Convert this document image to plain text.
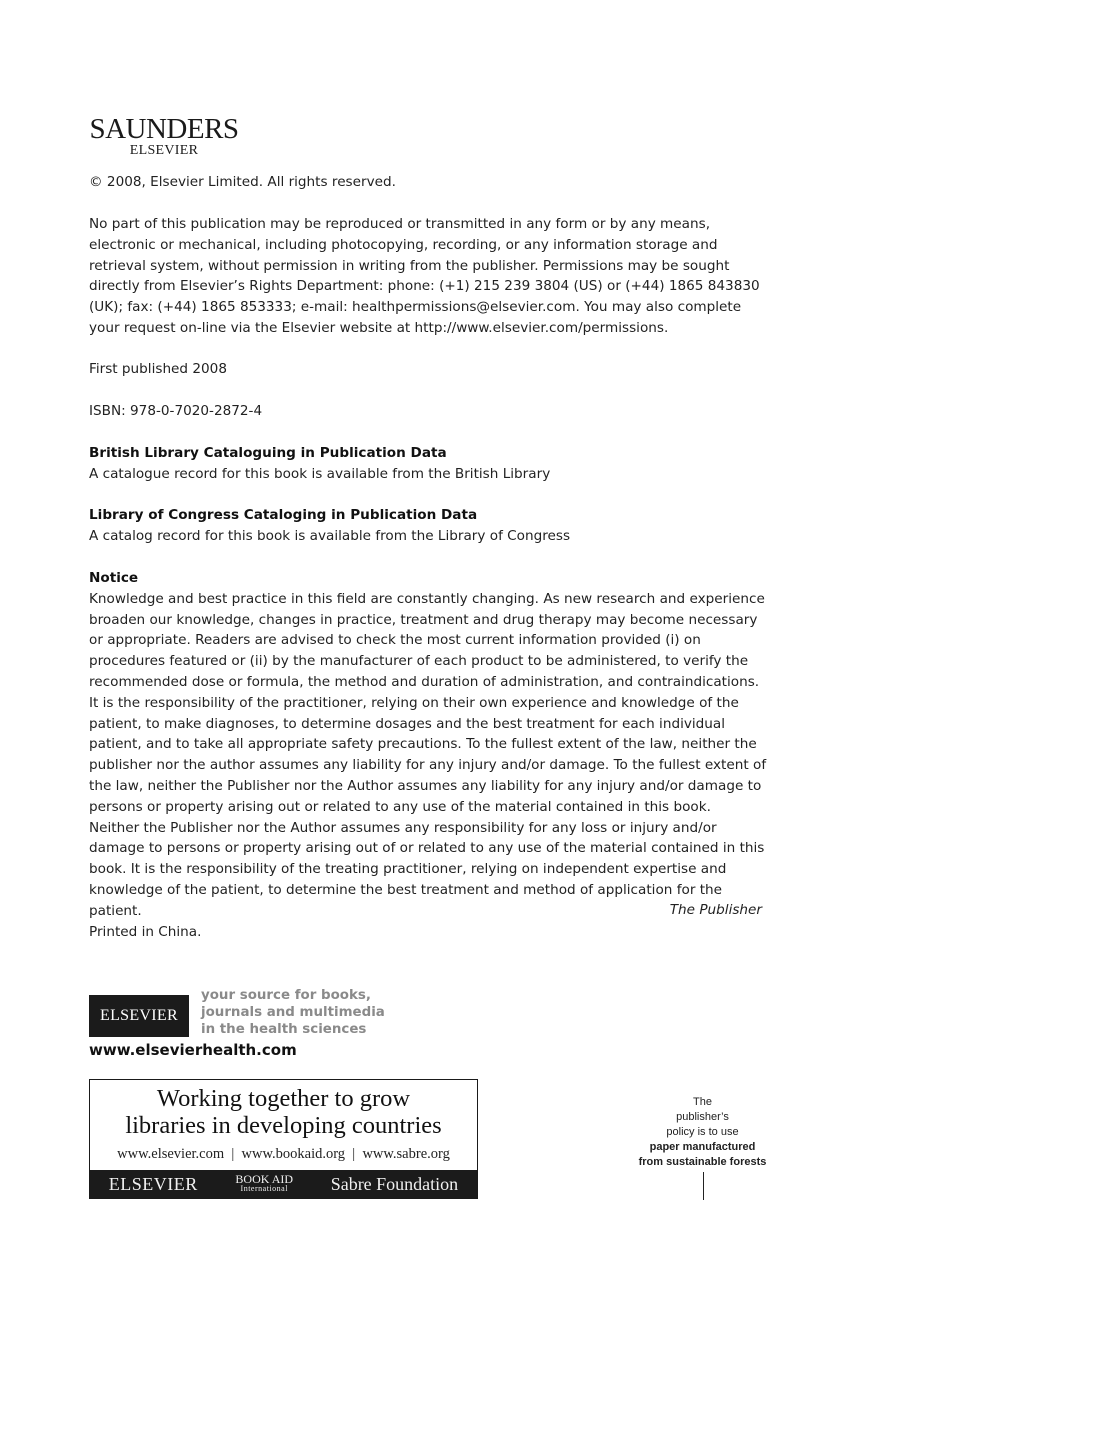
SAUNDERS
ELSEVIER

© 2008, Elsevier Limited. All rights reserved.

No part of this publication may be reproduced or transmitted in any form or by any means, electronic or mechanical, including photocopying, recording, or any information storage and retrieval system, without permission in writing from the publisher. Permissions may be sought directly from Elsevier’s Rights Department: phone: (+1) 215 239 3804 (US) or (+44) 1865 843830 (UK); fax: (+44) 1865 853333; e-mail: healthpermissions@elsevier.com. You may also complete your request on-line via the Elsevier website at http://www.elsevier.com/permissions.

First published 2008

ISBN: 978-0-7020-2872-4

British Library Cataloguing in Publication Data

A catalogue record for this book is available from the British Library

Library of Congress Cataloging in Publication Data

A catalog record for this book is available from the Library of Congress

Notice

Knowledge and best practice in this field are constantly changing. As new research and experience broaden our knowledge, changes in practice, treatment and drug therapy may become necessary or appropriate. Readers are advised to check the most current information provided (i) on procedures featured or (ii) by the manufacturer of each product to be administered, to verify the recommended dose or formula, the method and duration of administration, and contraindications. It is the responsibility of the practitioner, relying on their own experience and knowledge of the patient, to make diagnoses, to determine dosages and the best treatment for each individual patient, and to take all appropriate safety precautions. To the fullest extent of the law, neither the publisher nor the author assumes any liability for any injury and/or damage. To the fullest extent of the law, neither the Publisher nor the Author assumes any liability for any injury and/or damage to persons or property arising out or related to any use of the material contained in this book.

Neither the Publisher nor the Author assumes any responsibility for any loss or injury and/or damage to persons or property arising out of or related to any use of the material contained in this book. It is the responsibility of the treating practitioner, relying on independent expertise and knowledge of the patient, to determine the best treatment and method of application for the patient.	The Publisher

Printed in China.

ELSEVIER
your source for books,
journals and multimedia
in the health sciences
www.elsevierhealth.com
Working together to grow
libraries in developing countries
www.elsevier.com  |  www.bookaid.org  |  www.sabre.org
ELSEVIER	BOOK AID
International Sabre Foundation
The
publisher’s
policy is to use
paper manufactured
from sustainable forests
